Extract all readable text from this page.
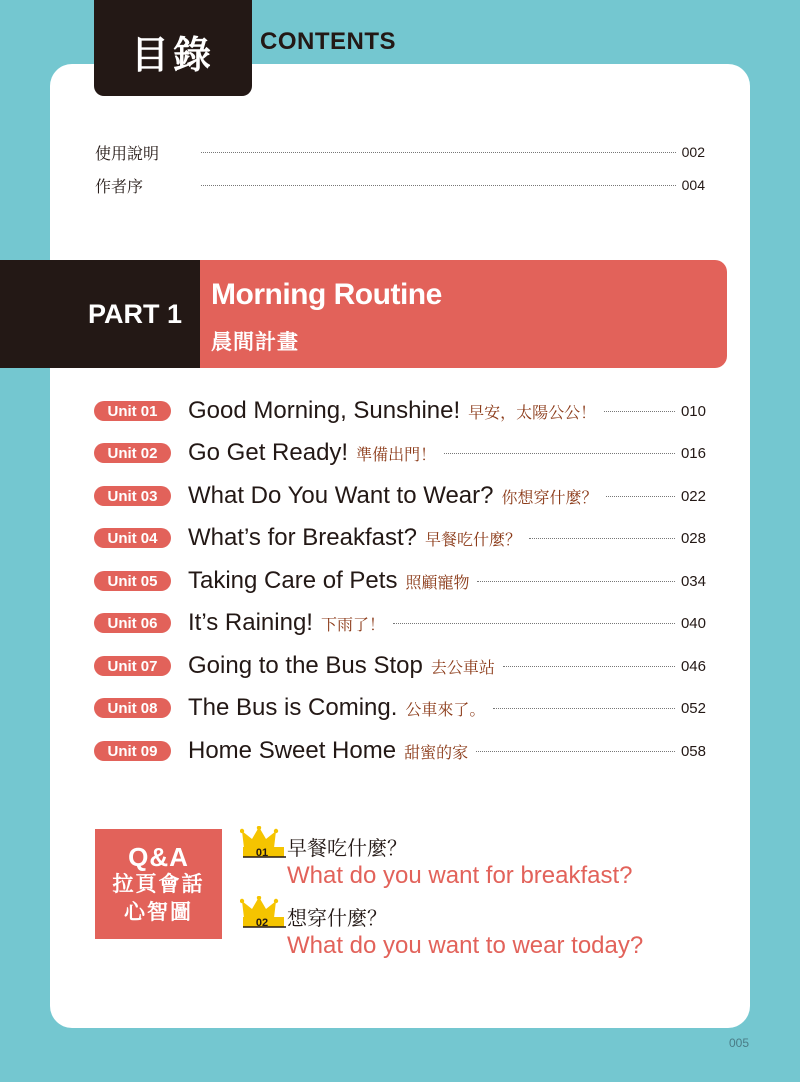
目錄 CONTENTS
使用說明	002
作者序	004
PART 1
Morning Routine
晨間計畫
Unit 01	Good Morning, Sunshine! 早安，太陽公公！	010
Unit 02	Go Get Ready! 準備出門！	016
Unit 03	What Do You Want to Wear? 你想穿什麼？	022
Unit 04	What’s for Breakfast? 早餐吃什麼？	028
Unit 05	Taking Care of Pets 照顧寵物	034
Unit 06	It’s Raining! 下雨了！	040
Unit 07	Going to the Bus Stop 去公車站	046
Unit 08	The Bus is Coming. 公車來了。	052
Unit 09	Home Sweet Home 甜蜜的家	058
Q&A
拉頁會話
心智圖
01 早餐吃什麼？
What do you want for breakfast?
02 想穿什麼？
What do you want to wear today?
005
